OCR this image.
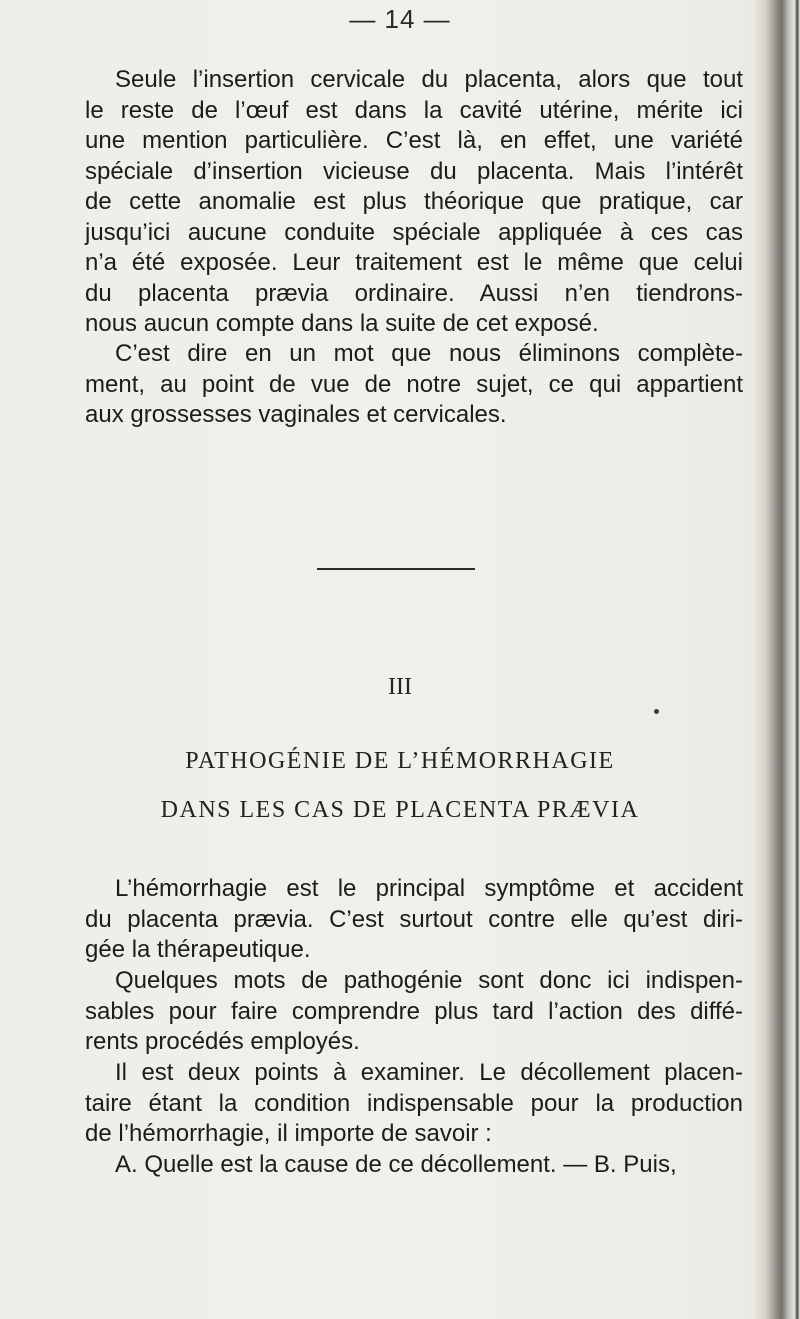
— 14 —
Seule l’insertion cervicale du placenta, alors que tout
le reste de l’œuf est dans la cavité utérine, mérite ici
une mention particulière. C’est là, en effet, une variété
spéciale d’insertion vicieuse du placenta. Mais l’intérêt
de cette anomalie est plus théorique que pratique, car
jusqu’ici aucune conduite spéciale appliquée à ces cas
n’a été exposée. Leur traitement est le même que celui
du placenta prævia ordinaire. Aussi n’en tiendrons-
nous aucun compte dans la suite de cet exposé.
C’est dire en un mot que nous éliminons complète-
ment, au point de vue de notre sujet, ce qui appartient
aux grossesses vaginales et cervicales.
III
PATHOGÉNIE DE L’HÉMORRHAGIE
DANS LES CAS DE PLACENTA PRÆVIA
L’hémorrhagie est le principal symptôme et accident
du placenta prævia. C’est surtout contre elle qu’est diri-
gée la thérapeutique.
Quelques mots de pathogénie sont donc ici indispen-
sables pour faire comprendre plus tard l’action des diffé-
rents procédés employés.
Il est deux points à examiner. Le décollement placen-
taire étant la condition indispensable pour la production
de l’hémorrhagie, il importe de savoir :
A. Quelle est la cause de ce décollement. — B. Puis,
